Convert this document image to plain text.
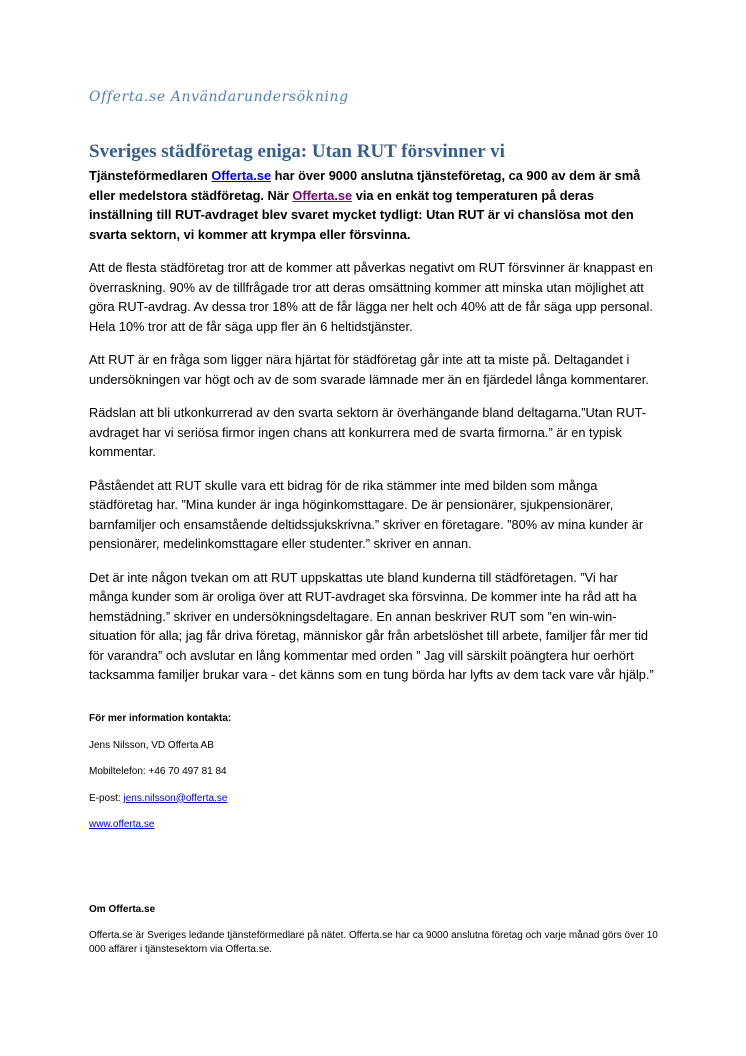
Offerta.se Användarundersökning
Sveriges städföretag eniga: Utan RUT försvinner vi

Tjänsteförmedlaren Offerta.se har över 9000 anslutna tjänsteföretag, ca 900 av dem är små eller medelstora städföretag. När Offerta.se via en enkät tog temperaturen på deras inställning till RUT-avdraget blev svaret mycket tydligt: Utan RUT är vi chanslösa mot den svarta sektorn, vi kommer att krympa eller försvinna.

Att de flesta städföretag tror att de kommer att påverkas negativt om RUT försvinner är knappast en överraskning. 90% av de tillfrågade tror att deras omsättning kommer att minska utan möjlighet att göra RUT-avdrag. Av dessa tror 18% att de får lägga ner helt och 40% att de får säga upp personal. Hela 10% tror att de får säga upp fler än 6 heltidstjänster.

Att RUT är en fråga som ligger nära hjärtat för städföretag går inte att ta miste på. Deltagandet i undersökningen var högt och av de som svarade lämnade mer än en fjärdedel långa kommentarer.

Rädslan att bli utkonkurrerad av den svarta sektorn är överhängande bland deltagarna.”Utan RUT-avdraget har vi seriösa firmor ingen chans att konkurrera med de svarta firmorna.” är en typisk kommentar.

Påståendet att RUT skulle vara ett bidrag för de rika stämmer inte med bilden som många städföretag har. ”Mina kunder är inga höginkomsttagare. De är pensionärer, sjukpensionärer, barnfamiljer och ensamstående deltidssjukskrivna.” skriver en företagare. ”80% av mina kunder är pensionärer, medelinkomsttagare eller studenter.” skriver en annan.

Det är inte någon tvekan om att RUT uppskattas ute bland kunderna till städföretagen. ”Vi har många kunder som är oroliga över att RUT-avdraget ska försvinna. De kommer inte ha råd att ha hemstädning.” skriver en undersökningsdeltagare. En annan beskriver RUT som ”en win-win-situation för alla; jag får driva företag, människor går från arbetslöshet till arbete, familjer får mer tid för varandra” och avslutar en lång kommentar med orden ” Jag vill särskilt poängtera hur oerhört tacksamma familjer brukar vara - det känns som en tung börda har lyfts av dem tack vare vår hjälp.”

För mer information kontakta:
Jens Nilsson, VD Offerta AB
Mobiltelefon: +46 70 497 81 84
E-post: jens.nilsson@offerta.se
www.offerta.se
Om Offerta.se
Offerta.se är Sveriges ledande tjänsteförmedlare på nätet. Offerta.se har ca 9000 anslutna företag och varje månad görs över 10 000 affärer i tjänstesektorn via Offerta.se.
